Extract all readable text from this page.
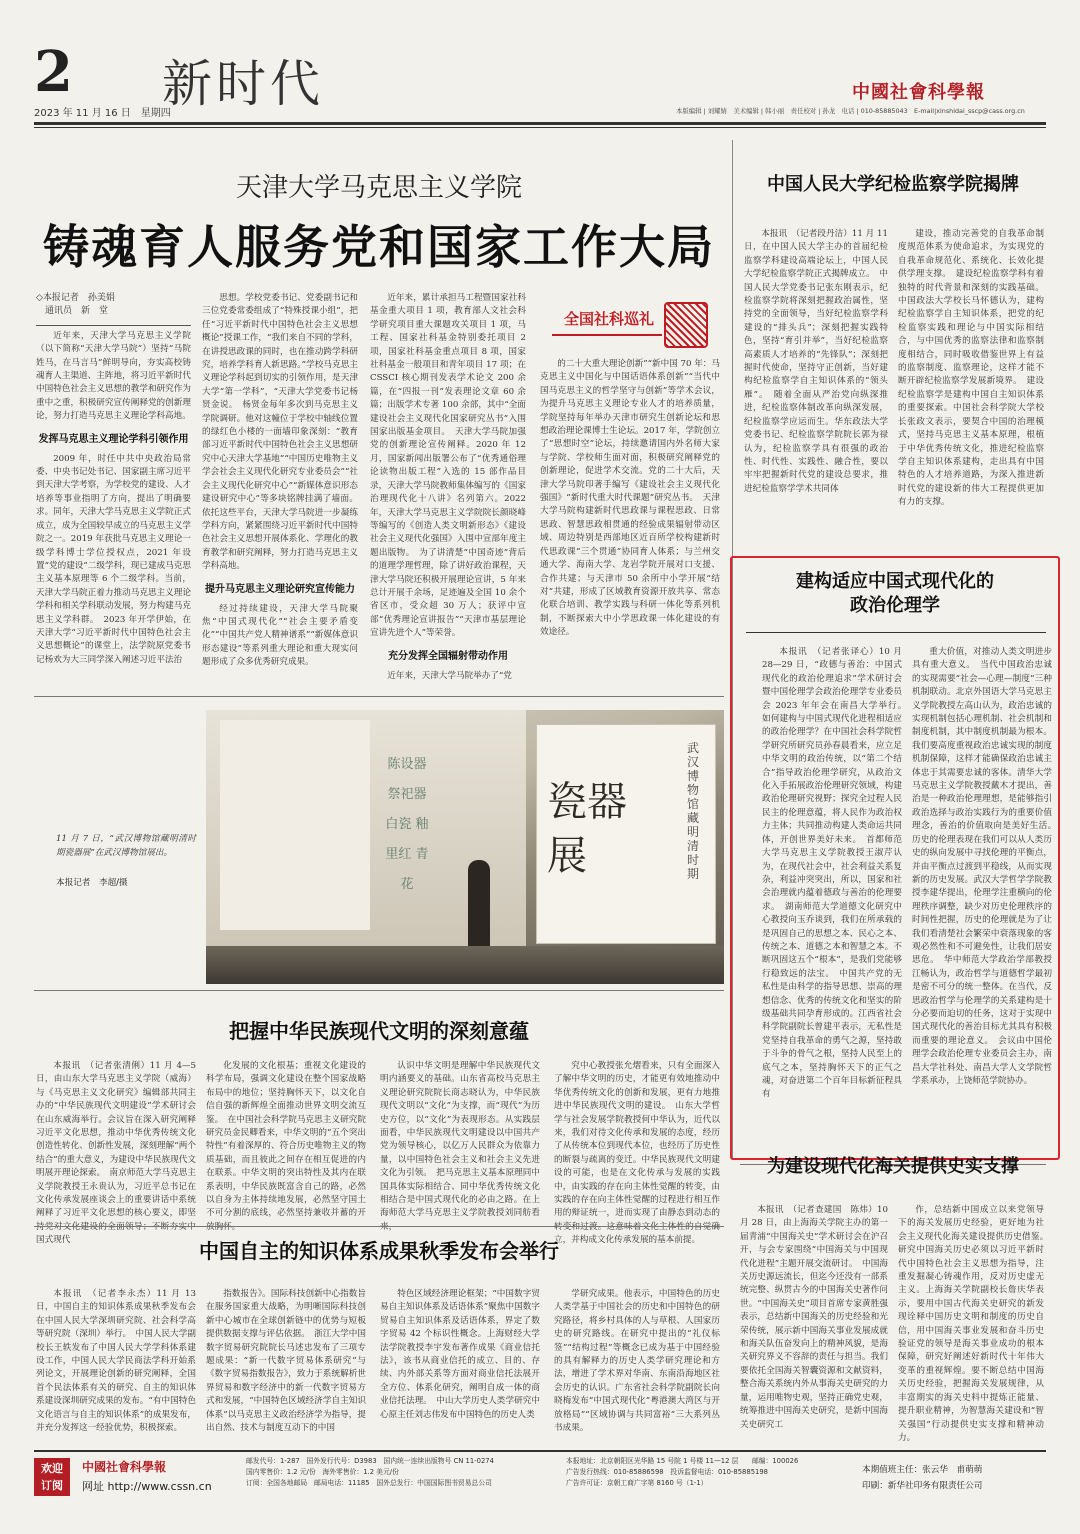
2 新时代
2023 年 11 月 16 日　星期四
中國社會科學報
本版编辑 | 刘耀婧　美术编辑 | 韩小丽　责任校对 | 孙龙　电话 | 010-85885043　E-mail|xinshidai_sscp@cass.org.cn
天津大学马克思主义学院
铸魂育人服务党和国家工作大局
全国社科巡礼

◇本报记者　孙美娟

　通讯员　新　堂

近年来，天津大学马克思主义学院（以下简称“天津大学马院”）坚持“马院姓马，在马言马”鲜明导向，夯实高校铸魂育人主渠道、主阵地，将习近平新时代中国特色社会主义思想的教学和研究作为重中之重，积极研究宣传阐释党的创新理论，努力打造马克思主义理论学科高地。

发挥马克思主义理论学科引领作用

2009 年，时任中共中央政治局常委、中央书记处书记、国家副主席习近平到天津大学考察，为学校党的建设、人才培养等事业指明了方向，提出了明确要求。同年，天津大学马克思主义学院正式成立，成为全国较早成立的马克思主义学院之一。2019 年获批马克思主义理论一级学科博士学位授权点，2021 年设置“党的建设”二级学科，现已建成马克思主义基本原理等 6 个二级学科。当前，天津大学马院正着力推动马克思主义理论学科和相关学科联动发展，努力构建马克思主义学科群。　2023 年开学伊始，在天津大学“习近平新时代中国特色社会主义思想概论”的课堂上，法学院原党委书记杨欢为大三同学深入阐述习近平法治

思想。学校党委书记、党委副书记和三位党委常委组成了“特殊授课小组”，把任“习近平新时代中国特色社会主义思想概论”授课工作，“我们来自不同的学科，在讲授思政课的同时，也在推动跨学科研究，培养学科育人新思路。”学校马克思主义理论学科起到切实的引领作用，是天津大学“第一学科”，“天津大学党委书记杨贤金说。　杨贤金每年多次到马克思主义学院调研。他对这幢位于学校中轴线位置的绿红色小楼的一面墙印象深刻：“教育部习近平新时代中国特色社会主义思想研究中心天津大学基地”“中国历史唯物主义学会社会主义现代化研究专业委员会”“社会主义现代化研究中心”“新媒体意识形态建设研究中心”等多块铭牌挂满了墙面。依托这些平台，天津大学马院进一步凝练学科方向，紧紧围绕习近平新时代中国特色社会主义思想开展体系化、学理化的教育教学和研究阐释，努力打造马克思主义学科高地。

提升马克思主义理论研究宣传能力

经过持续建设，天津大学马院聚焦“中国式现代化”“社会主要矛盾变化”“中国共产党人精神谱系”“新媒体意识形态建设”等系列重大理论和重大现实问题形成了众多优秀研究成果。

近年来，累计承担马工程暨国家社科基金重大项目 1 项，教育部人文社会科学研究项目重大课题攻关项目 1 项，马工程、国家社科基金特别委托项目 2 项，国家社科基金重点项目 8 项，国家社科基金一般项目和青年项目 17 项；在 CSSCI 核心期刊发表学术论文 200 余篇，在“四报一刊”发表理论文章 60 余篇；出版学术专著 100 余部，其中“全面建设社会主义现代化国家研究丛书”入围国家出版基金项目。　天津大学马院加强党的创新理论宣传阐释。2020 年 12 月，国家新闻出版署公布了“优秀通俗理论读物出版工程”入选的 15 部作品目录，天津大学马院教师集体编写的《国家治理现代化十八讲》名列第六。2022 年，天津大学马克思主义学院院长颜晓峰等编写的《创造人类文明新形态》《建设社会主义现代化强国》入围中宣部年度主题出版物。　为了讲清楚“中国奇迹”背后的道理学理哲理，除了讲好政治课程，天津大学马院还积极开展理论宣讲，5 年来总计开展千余场，足迹遍及全国 10 余个省区市，受众超 30 万人；获评中宣部“优秀理论宣讲报告”“天津市基层理论宣讲先进个人”等荣誉。

充分发挥全国辐射带动作用

近年来，天津大学马院举办了“党

的二十大重大理论创新”“新中国 70 年：马克思主义中国化与中国话语体系创新”“当代中国马克思主义的哲学坚守与创新”等学术会议，为提升马克思主义理论专业人才的培养质量，学院坚持每年举办天津市研究生创新论坛和思想政治理论课博士生论坛。2017 年，学院创立了“思想时空”论坛，持续邀请国内外名师大家与学院、学校师生面对面，积极研究阐释党的创新理论，促进学术交流。党的二十大后，天津大学马院印著手编写《建设社会主义现代化强国》“新时代重大时代课题”研究丛书。　天津大学马院构建新时代思政课与课程思政、日常思政、智慧思政相贯通的经验成果辐射带动区域、周边特别是西部地区近百所学校构建新时代思政课“三个贯通”协同育人体系；与兰州交通大学、海南大学、龙岩学院开展对口支援、合作共建；与天津市 50 余所中小学开展“结对”共建，形成了区域教育资源开放共享、常态化联合培训、教学实践与科研一体化等系列机制，不断探索大中小学思政课一体化建设的有效途径。

11 月 7 日，“武汉博物馆藏明清时期瓷器展”在武汉博物馆展出。
本报记者　李超/摄
陈设器 祭祀器 白瓷 釉里红 青花
瓷器展
武汉博物馆藏明清时期
中国人民大学纪检监察学院揭牌

本报讯　（记者段丹洁）11 月 11 日，在中国人民大学主办的首届纪检监察学科建设高端论坛上，中国人民大学纪检监察学院正式揭牌成立。　中国人民大学党委书记张东刚表示，纪检监察学院将深刻把握政治属性，坚持党的全面领导，当好纪检监察学科建设的“排头兵”；深刻把握实践特色，坚持“育引并举”，当好纪检监察高素质人才培养的“先锋队”；深刻把握时代使命，坚持守正创新，当好建构纪检监察学自主知识体系的“领头雁”。　随着全面从严治党向纵深推进，纪检监察体制改革向纵深发展，纪检监察学应运而生。华东政法大学党委书记、纪检监察学院院长郭为禄认为，纪检监察学具有很强的政治性、时代性、实践性、融合性，要以牢牢把握新时代党的建设总要求，推进纪检监察学学术共同体

建设，推动完善党的自我革命制度规范体系为使命追求，为实现党的自我革命规范化、系统化、长效化提供学理支撑。　建设纪检监察学科有着独特的时代背景和深刻的实践基础。中国政法大学校长马怀德认为，建构纪检监察学自主知识体系，把党的纪检监察实践和理论与中国实际相结合，与中国优秀的监察法律和监察制度相结合，同时吸收借鉴世界上有益的监察制度、监察理论，这样才能不断开辟纪检监察学发展新境界。　建设纪检监察学是建构中国自主知识体系的重要探索。中国社会科学院大学校长张政文表示，要契合中国的治理模式，坚持马克思主义基本原理，根植于中华优秀传统文化，推进纪检监察学自主知识体系建构，走出具有中国特色的人才培养道路，为深入推进新时代党的建设新的伟大工程提供更加有力的支撑。

建构适应中国式现代化的
政治伦理学

本报讯　（记者张译心）10 月 28—29 日，“政德与善治：中国式现代化的政治伦理追求”学术研讨会暨中国伦理学会政治伦理学专业委员会 2023 年年会在南昌大学举行。　如何建构与中国式现代化进程相适应的政治伦理学？在中国社会科学院哲学研究所研究员孙春晨看来，应立足中华文明的政治传统，以“第二个结合”指导政治伦理学研究，从政治文化入手拓展政治伦理研究领域，构建政治伦理研究视野；探究全过程人民民主的伦理意蕴，将人民作为政治权力主体；共同推动构建人类命运共同体，开创世界美好未来。　首都师范大学马克思主义学院教授王淑芹认为，在现代社会中，社会利益关系复杂，利益冲突突出，所以，国家和社会治理就内蕴着德政与善治的伦理要求。　湖南师范大学道德文化研究中心教授向玉乔谈到，我们在所承载的是巩固自己的思想之本、民心之本、传统之本、道德之本和智慧之本。不断巩固这五个“根本”，是我们党能够行稳致远的法宝。　中国共产党的无私性是由科学的指导思想、崇高的理想信念、优秀的传统文化和坚实的阶级基础共同孕育形成的。江西省社会科学院副院长曾建平表示，无私性是党坚持自我革命的勇气之源，坚持敢于斗争的骨气之根，坚持人民至上的底气之本，坚持胸怀天下的正气之魂，对奋进第二个百年目标新征程具有

重大价值，对推动人类文明进步具有重大意义。　当代中国政治忠诚的实现需要“社会—心理—制度”三种机制联动。北京外国语大学马克思主义学院教授左高山认为，政治忠诚的实现机制包括心理机制、社会机制和制度机制，其中制度机制最为根本。我们要高度重视政治忠诚实现的制度机制保障，这样才能确保政治忠诚主体忠于其需要忠诚的客体。清华大学马克思主义学院教授戴木才提出，善治是一种政治伦理理想，是能够指引政治选择与政治实践行为的重要价值理念，善治的价值取向是美好生活。　历史的伦理表现在我们可以从人类历史的纵向发展中寻找伦理的平衡点，并由平衡点过渡到平稳线，从而实现新的历史发展。武汉大学哲学学院教授李建华提出，伦理学注重横向的伦理秩序调整，缺少对历史伦理秩序的时间性把握，历史的伦理就是为了让我们看清楚社会繁荣中衰落现象的客观必然性和不可避免性，让我们居安思危。　华中师范大学政治学部教授江畅认为，政治哲学与道德哲学最初是密不可分的统一整体。在当代，反思政治哲学与伦理学的关系建构是十分必要而迫切的任务，这对于实现中国式现代化的善治目标尤其具有积极而重要的理论意义。　会议由中国伦理学会政治伦理专业委员会主办，南昌大学社科处、南昌大学人文学院哲学系承办，上饶师范学院协办。

把握中华民族现代文明的深刻意蕴

本报讯　（记者张清俐）11 月 4—5 日，由山东大学马克思主义学院（威海）与《马克思主义文化研究》编辑部共同主办的“中华民族现代文明建设”学术研讨会在山东威海举行。会议旨在深入研究阐释习近平文化思想，推动中华优秀传统文化创造性转化、创新性发展，深刻理解“两个结合”的重大意义，为建设中华民族现代文明展开理论探索。　南京师范大学马克思主义学院教授王永贵认为，习近平总书记在文化传承发展座谈会上的重要讲话中系统阐释了习近平文化思想的核心要义，即坚 国式现代

化发展的文化根基；重视文化建设的科学布局，强调文化建设在整个国家战略布局中的地位；坚持胸怀天下，以文化自信自强的新辉煌全面推动世界文明交流互鉴。　在中国社会科学院马克思主义研究院研究员金民卿看来，中华文明的“五个突出特性”有着深厚的、符合历史唯物主义的物质基础，而且彼此之间存在相互促进的内在联系。中华文明的突出特性及其内在联系表明，中华民族既富含自己的路，必然以自身为主体持续地发展，必然坚守国土不可分割的底线，必然坚持兼收并蓄的开

认识中华文明是理解中华民族现代文明内涵要义的基础。山东省高校马克思主义理论研究院院长商志晓认为，中华民族现代文明以“文化”为支撑，而“现代”为历史方位，以“文化”为表现形态。从实践层面看，中华民族现代文明建设以中国共产党为领导核心，以亿万人民群众为依靠力量，以中国特色社会主义和社会主义先进文化为引领。　把马克思主义基本原理同中国具体实际相结合、同中华优秀传统文化相结合是中国式现代化的必由之路。在上海师范大学马克思主义学院教授刘同舫看

究中心教授张允熠看来，只有全面深入了解中华文明的历史，才能更有效地推动中华优秀传统文化的创新和发展，更有力地推进中华民族现代文明的建设。　山东大学哲学与社会发展学院教授何中华认为，近代以来，我们对待文化传承和发展的态度，经历了从传统本位到现代本位，也经历了历史性的断裂与疏离的变迁。中华民族现代文明建设的可能，也是在文化传承与发展的实践中，由实践的存在向主体性觉醒的转变，由实践的存在向主体性觉醒的过程进行相互作用的辩证统一，进而实现了由静态到动态的 立，并构成文化传承发展的基本前提。

中国自主的知识体系成果秋季发布会举行

本报讯　（记者李永杰）11 月 13 日，中国自主的知识体系成果秋季发布会在中国人民大学深圳研究院、社会科学高等研究院（深圳）举行。　中国人民大学副校长王轶发布了中国人民大学学科体系建设工作，中国人民大学民商法学科开始系列论文，开展理论创新的研究阐释，全国首个民法体系有关的研究、自主的知识体系建设深圳研究成果的发布。“有中国特色文化语言与自主的知识体系”的成果发布，并充分发挥这一经验优势，积极探索。

指数报告》。国际科技创新中心指数旨在服务国家重大战略，为明晰国际科技创新中心城市在全球创新链中的优势与短板提供数据支撑与评估依据。　浙江大学中国数字贸易研究院院长马述忠发布了三项专题成果：“新一代数字贸易体系研究”与《数字贸易指数报告》，致力于系统解析世界贸易和数字经济中的新一代数字贸易方式和发展，“中国特色区域经济学自主知识体系”以马克思主义政治经济学为指导，提出自然、技术与制度互动下的中国

特色区域经济理论框架；“中国数字贸易自主知识体系及话语体系”聚焦中国数字贸易自主知识体系及话语体系，界定了数字贸易 42 个标识性概念。上海财经大学法学院教授李宇发布著作成果《商业信托法》，该书从商业信托的成立、目的、存续、内外部关系等方面对商业信托法展开全方位、体系化研究，阐明自成一体的商业信托法理。　中山大学历史人类学研究中心原主任刘志伟发布中国特色的历史人类

学研究成果。他表示，中国特色的历史人类学基于中国社会的历史和中国特色的研究路径，将乡村具体的人与草根、人国家历史的研究路线。在研究中提出的“礼仪标签”“结构过程”等概念已成为基于中国经验的具有解释力的历史人类学研究理论和方法，增进了学术界对华南、东南沿海地区社会历史的认识。广东省社会科学院副院长向晓梅发布“中国式现代化”粤港澳大湾区与开放格局”“区域协调与共同富裕”三大系列丛书成果。

为建设现代化海关提供史实支撑

本报讯　（记者查建国　陈炜）10 月 28 日，由上海海关学院主办的第一届青浦“中国海关史”学术研讨会在沪召开，与会专家围绕“中国海关与中国现代化进程”主题开展交流研讨。　中国海关历史源远流长，但迄今还没有一部系统完整、纵贯古今的中国海关史著作问世。“中国海关史”项目首席专家黄胜强表示，总结新中国海关的历史经验和光荣传统，展示新中国海关事业发展成就和海关队伍奋发向上的精神风貌，是海关研究界义不容辞的责任与担当。我们要依托全国海关智囊资源和文献资料，整合海关系统内外从事海关史研究的力量，运用唯物史观，坚持正确党史观，统筹推进中国海关史研究，是新中国海关史研究工

作，总结新中国成立以来党领导下的海关发展历史经验，更好地为社会主义现代化海关建设提供历史借鉴。　研究中国海关历史必须以习近平新时代中国特色社会主义思想为指导，注重发掘凝心铸魂作用，反对历史虚无主义。上海海关学院副校长詹庆华表示，要用中国古代海关史研究的新发现诠释中国历史文明和制度的历史自信，用中国海关事业发展和奋斗历史验证党的领导是海关事业成功的根本保障，研究好阐述好新时代十年伟大变革的重视辉煌。要不断总结中国海关历史经验，把握海关发展规律，从丰富期实的海关史料中提炼正能量、提升职业精神，为智慧海关建设和“智关强国”行动提供史实支撑和精神动力。

欢迎订阅
中國社會科學報
网址 http://www.cssn.cn
邮发代号：1-287　国外发行代号：D3983　国内统一连续出版物号 CN 11-0274
国内零售价：1.2 元/份　海外零售价：1.2 美元/份
订阅：全国各地邮局　邮局电话：11185　国外总发行：中国国际图书贸易总公司
本报地址：北京朝阳区光华路 15 号院 1 号楼 11—12 层　　邮编：100026
广告发行热线：010-85886598　投诉监督电话：010-85885198
广告许可证：京朝工商广字第 8160 号（1-1）
本期值班主任：张云华　甫萌萌
印刷：新华社印务有限责任公司
